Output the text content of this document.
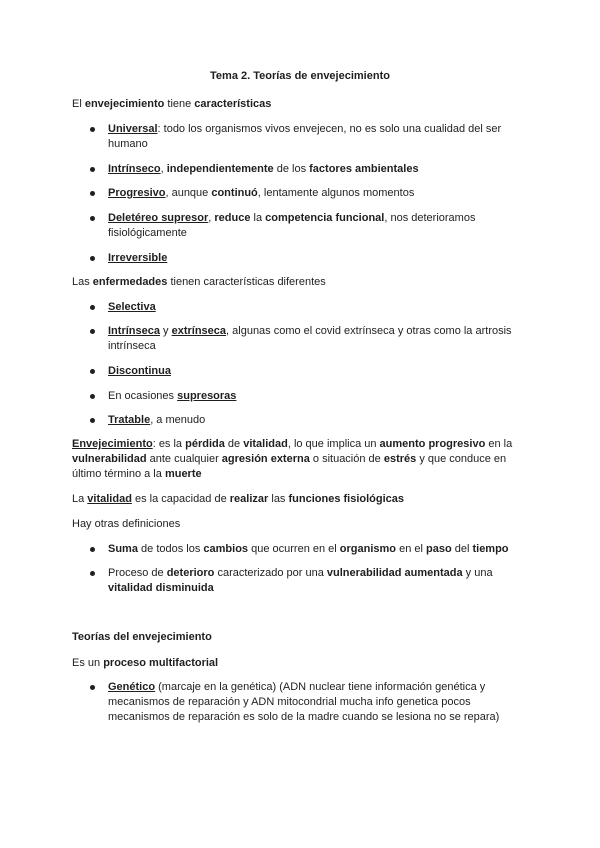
Tema 2. Teorías de envejecimiento
El envejecimiento tiene características
Universal: todo los organismos vivos envejecen, no es solo una cualidad del ser humano
Intrínseco, independientemente de los factores ambientales
Progresivo, aunque continuó, lentamente algunos momentos
Deletéreo supresor, reduce la competencia funcional, nos deterioramos fisiológicamente
Irreversible
Las enfermedades tienen características diferentes
Selectiva
Intrínseca y extrínseca, algunas como el covid extrínseca y otras como la artrosis intrínseca
Discontinua
En ocasiones supresoras
Tratable, a menudo
Envejecimiento: es la pérdida de vitalidad, lo que implica un aumento progresivo en la
vulnerabilidad ante cualquier agresión externa o situación de estrés y que conduce en
último término a la muerte
La vitalidad es la capacidad de realizar las funciones fisiológicas
Hay otras definiciones
Suma de todos los cambios que ocurren en el organismo en el paso del tiempo
Proceso de deterioro caracterizado por una vulnerabilidad aumentada y una
vitalidad disminuida
Teorías del envejecimiento
Es un proceso multifactorial
Genético (marcaje en la genética) (ADN nuclear tiene información genética y
mecanismos de reparación y ADN mitocondrial mucha info genetica pocos
mecanismos de reparación es solo de la madre cuando se lesiona no se repara)
